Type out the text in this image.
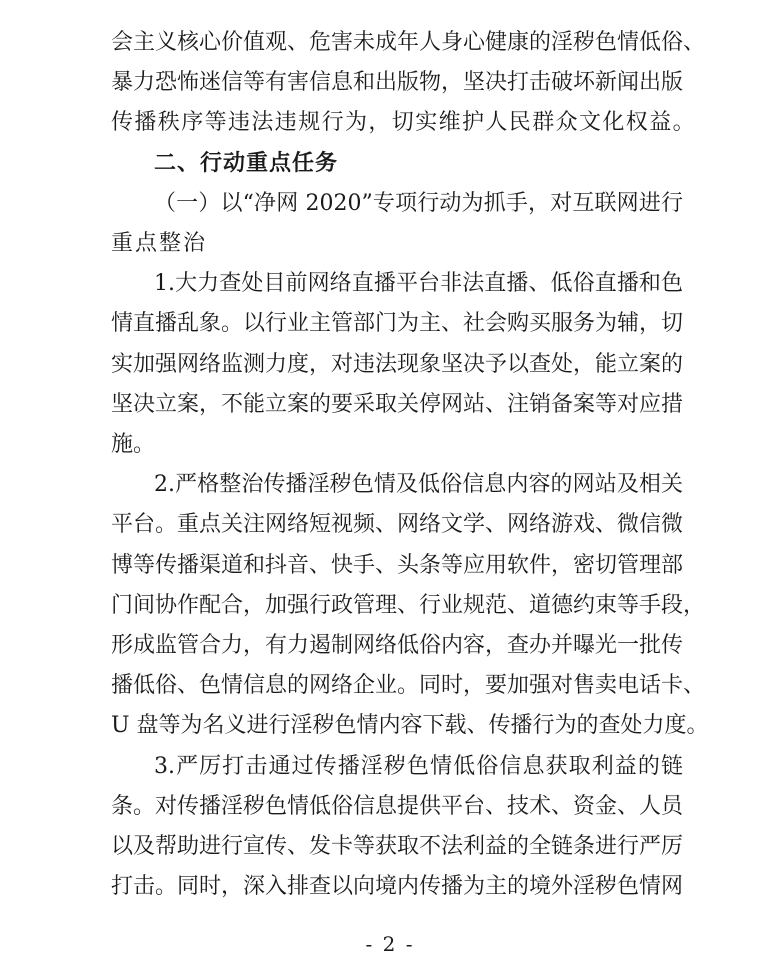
会主义核心价值观、危害未成年人身心健康的淫秽色情低俗、
暴力恐怖迷信等有害信息和出版物，坚决打击破坏新闻出版
传播秩序等违法违规行为，切实维护人民群众文化权益。
二、行动重点任务
（一）以“净网 2020”专项行动为抓手，对互联网进行
重点整治
1.大力查处目前网络直播平台非法直播、低俗直播和色
情直播乱象。以行业主管部门为主、社会购买服务为辅，切
实加强网络监测力度，对违法现象坚决予以查处，能立案的
坚决立案，不能立案的要采取关停网站、注销备案等对应措
施。
2.严格整治传播淫秽色情及低俗信息内容的网站及相关
平台。重点关注网络短视频、网络文学、网络游戏、微信微
博等传播渠道和抖音、快手、头条等应用软件，密切管理部
门间协作配合，加强行政管理、行业规范、道德约束等手段，
形成监管合力，有力遏制网络低俗内容，查办并曝光一批传
播低俗、色情信息的网络企业。同时，要加强对售卖电话卡、
U 盘等为名义进行淫秽色情内容下载、传播行为的查处力度。
3.严厉打击通过传播淫秽色情低俗信息获取利益的链
条。对传播淫秽色情低俗信息提供平台、技术、资金、人员
- 2 -
以及帮助进行宣传、发卡等获取不法利益的全链条进行严厉
打击。同时，深入排查以向境内传播为主的境外淫秽色情网
